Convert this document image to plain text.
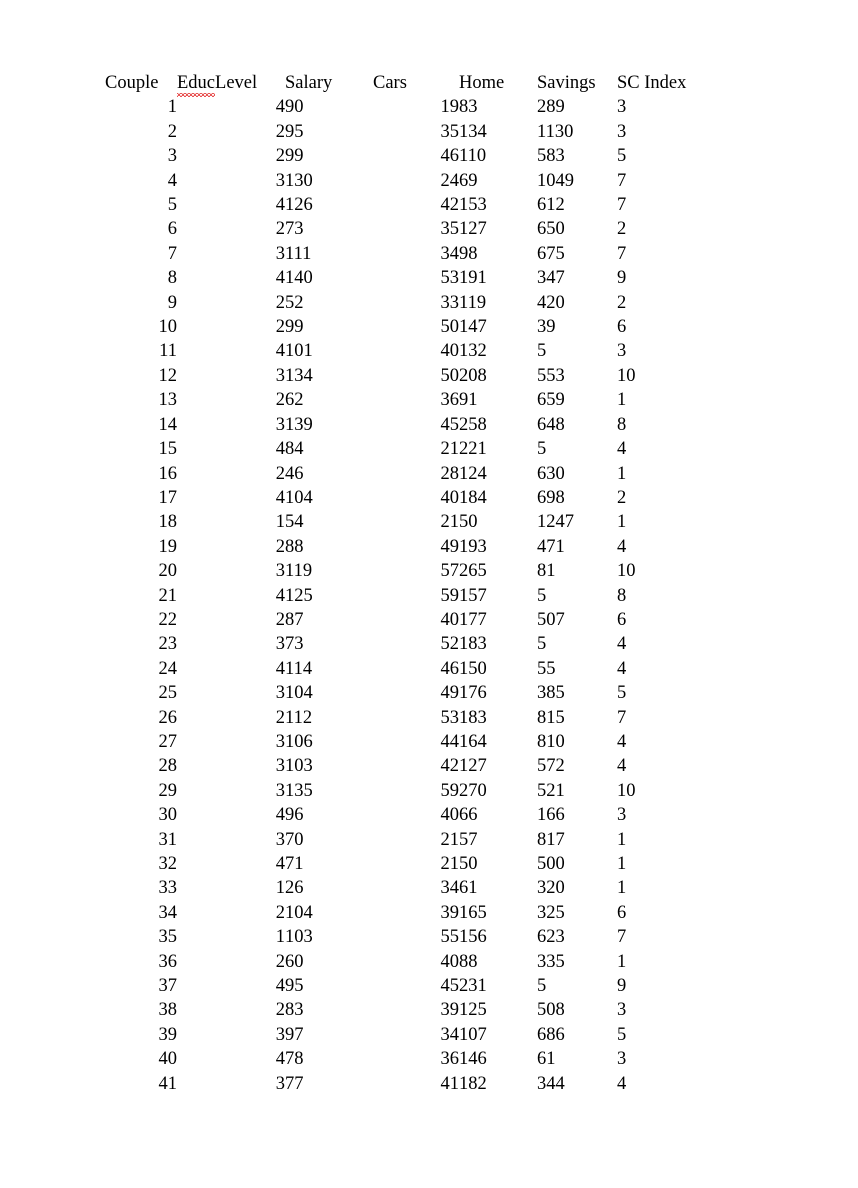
Couple	EducLevel		Salary	Cars	Home	Savings	SC Index
1	4		90	19	83	289	3
2	2		95	35	134	1130	3
3	2		99	46	110	583	5
4	3		130	24	69	1049	7
5	4		126	42	153	612	7
6	2		73	35	127	650	2
7	3		111	34	98	675	7
8	4		140	53	191	347	9
9	2		52	33	119	420	2
10	2		99	50	147	39	6
11	4		101	40	132	5	3
12	3		134	50	208	553	10
13	2		62	36	91	659	1
14	3		139	45	258	648	8
15	4		84	21	221	5	4
16	2		46	28	124	630	1
17	4		104	40	184	698	2
18	1		54	21	50	1247	1
19	2		88	49	193	471	4
20	3		119	57	265	81	10
21	4		125	59	157	5	8
22	2		87	40	177	507	6
23	3		73	52	183	5	4
24	4		114	46	150	55	4
25	3		104	49	176	385	5
26	2		112	53	183	815	7
27	3		106	44	164	810	4
28	3		103	42	127	572	4
29	3		135	59	270	521	10
30	4		96	40	66	166	3
31	3		70	21	57	817	1
32	4		71	21	50	500	1
33	1		26	34	61	320	1
34	2		104	39	165	325	6
35	1		103	55	156	623	7
36	2		60	40	88	335	1
37	4		95	45	231	5	9
38	2		83	39	125	508	3
39	3		97	34	107	686	5
40	4		78	36	146	61	3
41	3		77	41	182	344	4
